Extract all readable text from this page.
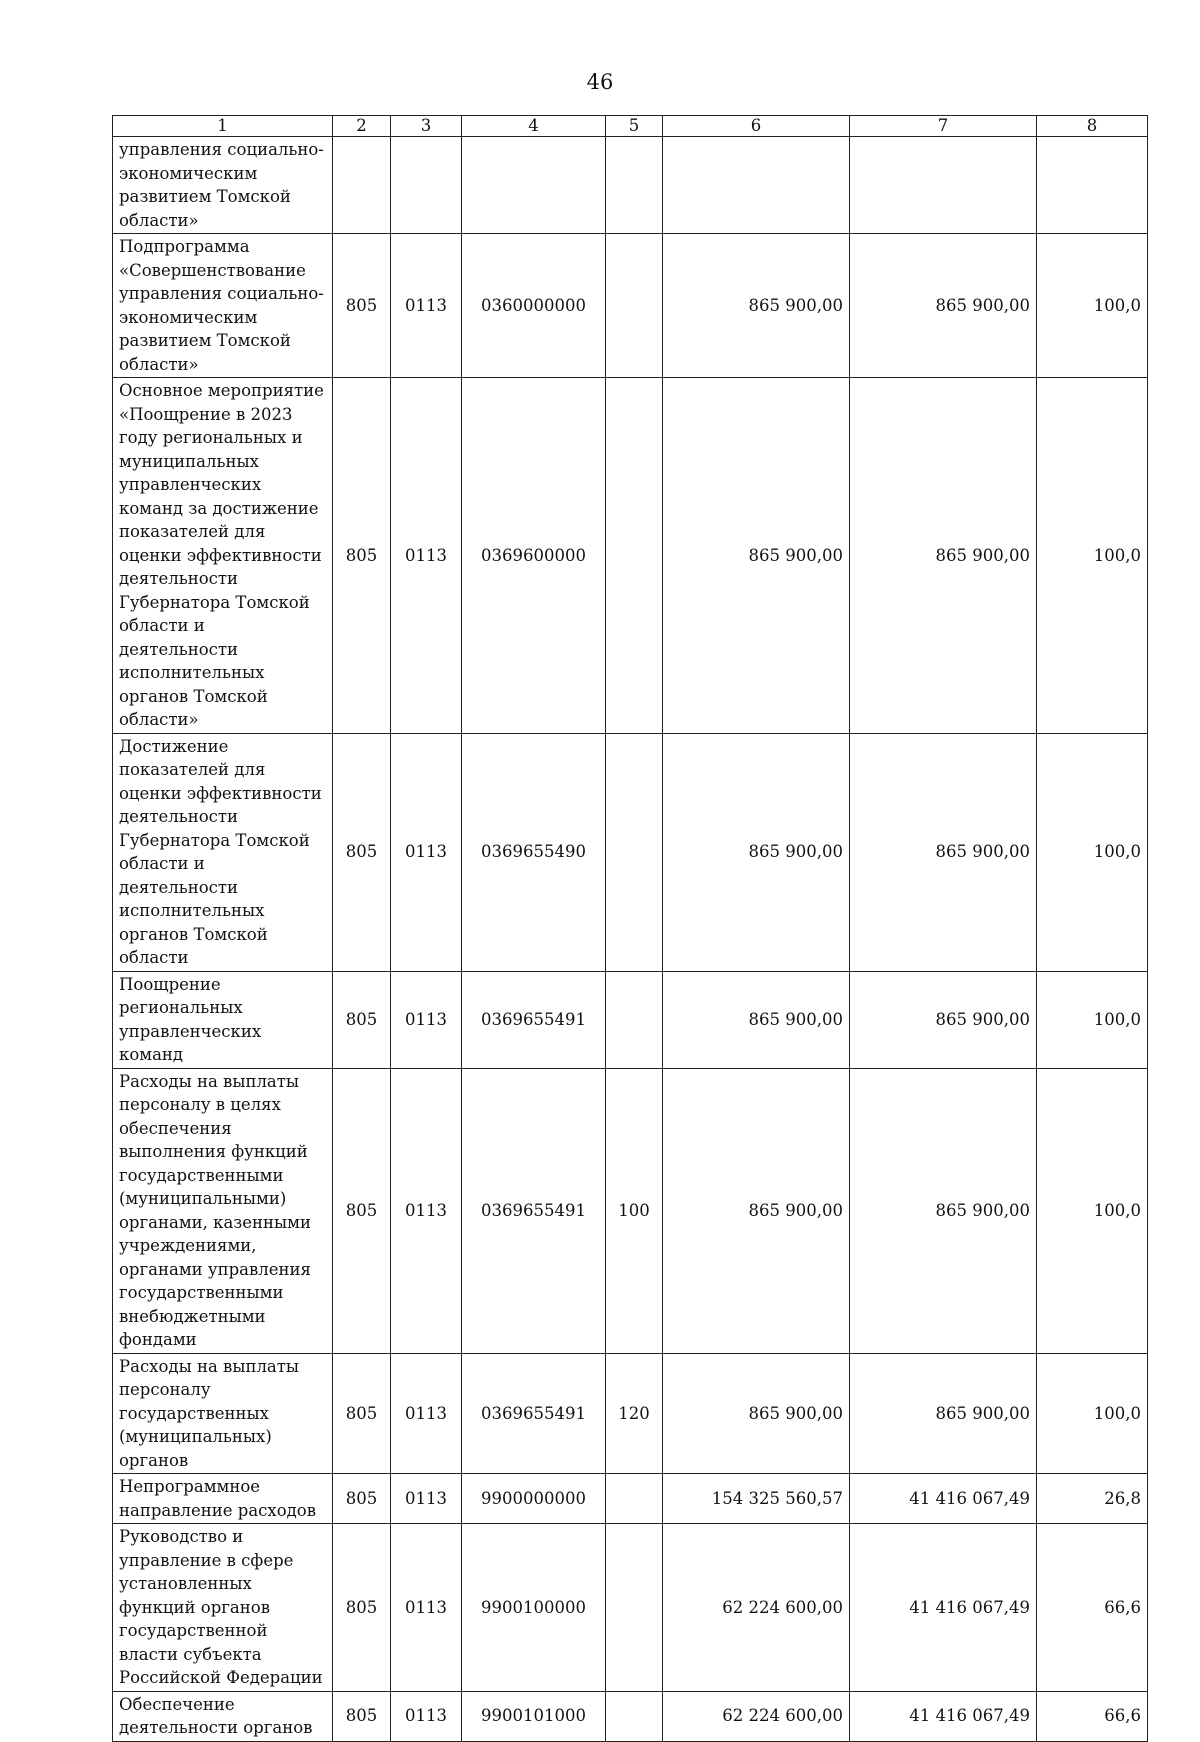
46
1	2	3	4	5	6	7	8
управления социально-экономическим развитием Томской области»							
Подпрограмма «Совершенствование управления социально-экономическим развитием Томской области»	805	0113	0360000000		865 900,00	865 900,00	100,0
Основное мероприятие «Поощрение в 2023 году региональных и муниципальных управленческих команд за достижение показателей для оценки эффективности деятельности Губернатора Томской области и деятельности исполнительных органов Томской области»	805	0113	0369600000		865 900,00	865 900,00	100,0
Достижение показателей для оценки эффективности деятельности Губернатора Томской области и деятельности исполнительных органов Томской области	805	0113	0369655490		865 900,00	865 900,00	100,0
Поощрение региональных управленческих команд	805	0113	0369655491		865 900,00	865 900,00	100,0
Расходы на выплаты персоналу в целях обеспечения выполнения функций государственными (муниципальными) органами, казенными учреждениями, органами управления государственными внебюджетными фондами	805	0113	0369655491	100	865 900,00	865 900,00	100,0
Расходы на выплаты персоналу государственных (муниципальных) органов	805	0113	0369655491	120	865 900,00	865 900,00	100,0
Непрограммное направление расходов	805	0113	9900000000		154 325 560,57	41 416 067,49	26,8
Руководство и управление в сфере установленных функций органов государственной власти субъекта Российской Федерации	805	0113	9900100000		62 224 600,00	41 416 067,49	66,6
Обеспечение деятельности органов	805	0113	9900101000		62 224 600,00	41 416 067,49	66,6
